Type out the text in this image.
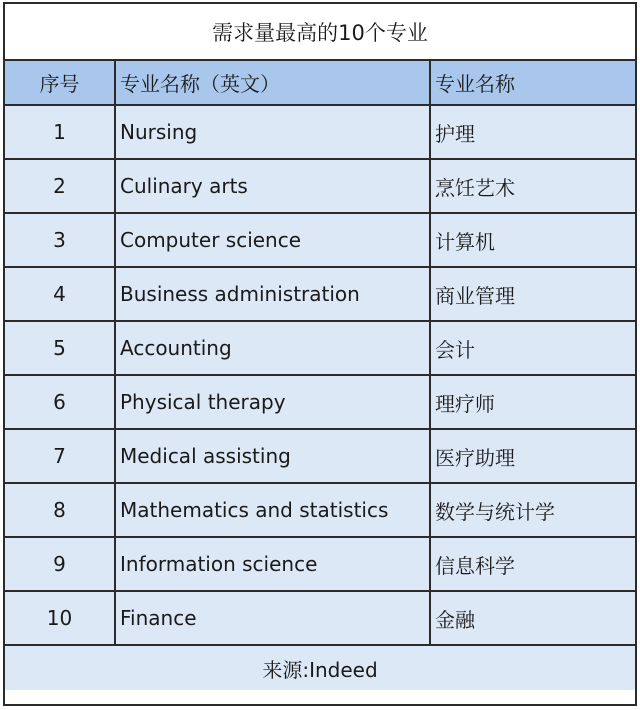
需求量最高的10个专业
序号	专业名称（英文）	专业名称
1	Nursing	护理
2	Culinary arts	烹饪艺术
3	Computer science	计算机
4	Business administration	商业管理
5	Accounting	会计
6	Physical therapy	理疗师
7	Medical assisting	医疗助理
8	Mathematics and statistics	数学与统计学
9	Information science	信息科学
10	Finance	金融
来源:Indeed
